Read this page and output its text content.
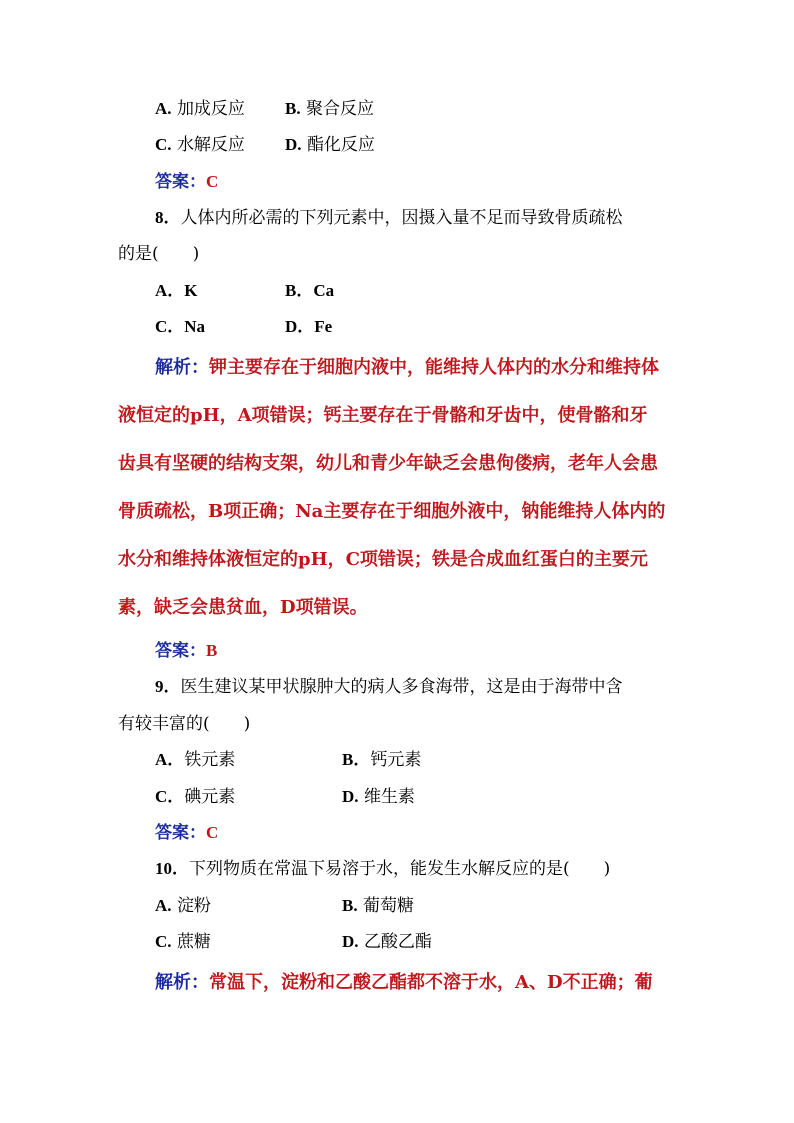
A. 加成反应 B. 聚合反应
C. 水解反应 D. 酯化反应
答案：C
8．人体内所必需的下列元素中，因摄入量不足而导致骨质疏松
的是(　　)
A．K	B．Ca
C．Na	D．Fe
解析：钾主要存在于细胞内液中，能维持人体内的水分和维持体
液恒定的pH，A项错误；钙主要存在于骨骼和牙齿中，使骨骼和牙
齿具有坚硬的结构支架，幼儿和青少年缺乏会患佝偻病，老年人会患
骨质疏松，B项正确；Na主要存在于细胞外液中，钠能维持人体内的
水分和维持体液恒定的pH，C项错误；铁是合成血红蛋白的主要元
素，缺乏会患贫血，D项错误。
答案：B
9．医生建议某甲状腺肿大的病人多食海带，这是由于海带中含
有较丰富的(　　)
A．铁元素	B．钙元素
C．碘元素	D. 维生素
答案：C
10．下列物质在常温下易溶于水，能发生水解反应的是(　　)
A. 淀粉	B. 葡萄糖
C. 蔗糖	D. 乙酸乙酯
解析：常温下，淀粉和乙酸乙酯都不溶于水，A、D不正确；葡
